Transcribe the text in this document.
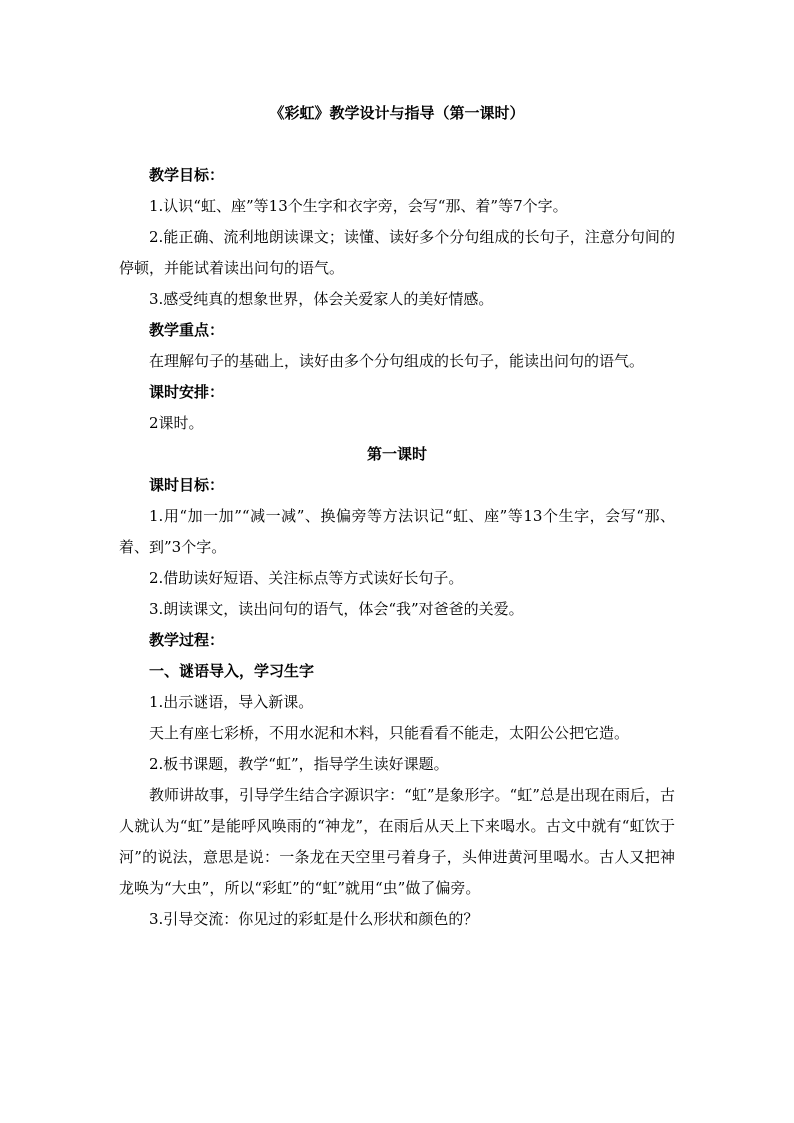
《彩虹》教学设计与指导（第一课时）

教学目标：

1.认识“虹、座”等13个生字和衣字旁，会写“那、着”等7个字。

2.能正确、流利地朗读课文；读懂、读好多个分句组成的长句子，注意分句间的停顿，并能试着读出问句的语气。

3.感受纯真的想象世界，体会关爱家人的美好情感。

教学重点：

在理解句子的基础上，读好由多个分句组成的长句子，能读出问句的语气。

课时安排：

2课时。

第一课时

课时目标：

1.用“加一加”“减一减”、换偏旁等方法识记“虹、座”等13个生字，会写“那、着、到”3个字。

2.借助读好短语、关注标点等方式读好长句子。

3.朗读课文，读出问句的语气，体会“我”对爸爸的关爱。

教学过程：

一、谜语导入，学习生字

1.出示谜语，导入新课。

天上有座七彩桥，不用水泥和木料，只能看看不能走，太阳公公把它造。

2.板书课题，教学“虹”，指导学生读好课题。

教师讲故事，引导学生结合字源识字：“虹”是象形字。“虹”总是出现在雨后，古人就认为“虹”是能呼风唤雨的“神龙”，在雨后从天上下来喝水。古文中就有“虹饮于河”的说法，意思是说：一条龙在天空里弓着身子，头伸进黄河里喝水。古人又把神龙唤为“大虫”，所以“彩虹”的“虹”就用“虫”做了偏旁。

3.引导交流：你见过的彩虹是什么形状和颜色的？
